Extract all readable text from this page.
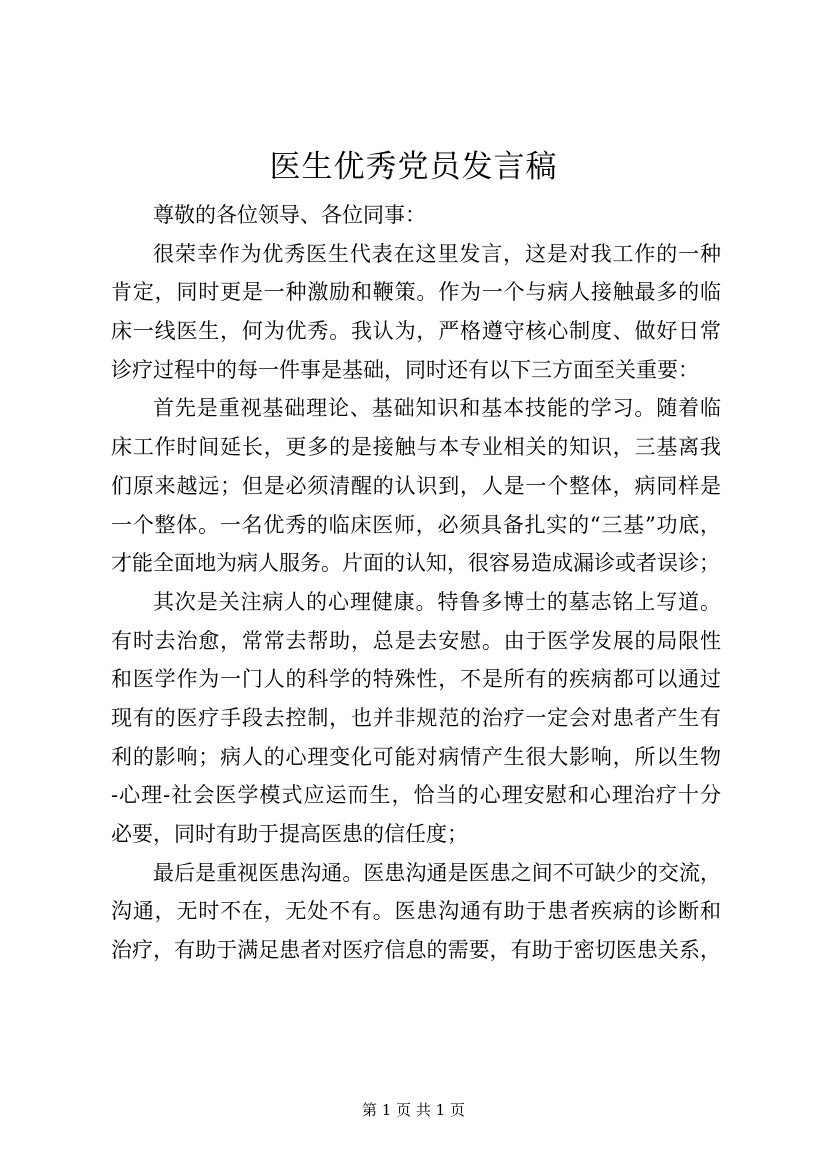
医生优秀党员发言稿
尊敬的各位领导、各位同事：
很荣幸作为优秀医生代表在这里发言，这是对我工作的一种
肯定，同时更是一种激励和鞭策。作为一个与病人接触最多的临
床一线医生，何为优秀。我认为，严格遵守核心制度、做好日常
诊疗过程中的每一件事是基础，同时还有以下三方面至关重要：
首先是重视基础理论、基础知识和基本技能的学习。随着临
床工作时间延长，更多的是接触与本专业相关的知识，三基离我
们原来越远；但是必须清醒的认识到，人是一个整体，病同样是
一个整体。一名优秀的临床医师，必须具备扎实的“三基”功底，
才能全面地为病人服务。片面的认知，很容易造成漏诊或者误诊；
其次是关注病人的心理健康。特鲁多博士的墓志铭上写道。
有时去治愈，常常去帮助，总是去安慰。由于医学发展的局限性
和医学作为一门人的科学的特殊性，不是所有的疾病都可以通过
现有的医疗手段去控制，也并非规范的治疗一定会对患者产生有
利的影响；病人的心理变化可能对病情产生很大影响，所以生物
-心理-社会医学模式应运而生，恰当的心理安慰和心理治疗十分
必要，同时有助于提高医患的信任度；
最后是重视医患沟通。医患沟通是医患之间不可缺少的交流，
沟通，无时不在，无处不有。医患沟通有助于患者疾病的诊断和
治疗，有助于满足患者对医疗信息的需要，有助于密切医患关系，
第 1 页 共 1 页
